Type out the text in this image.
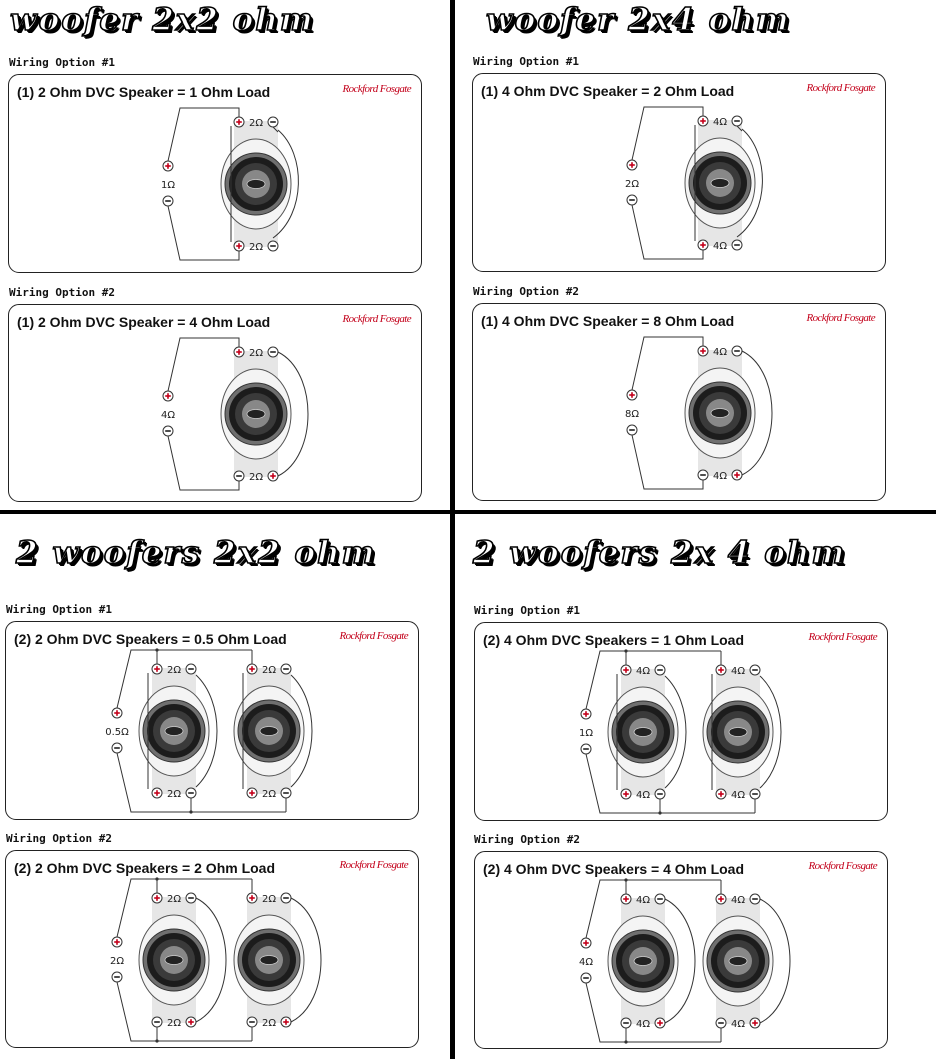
woofer 2x2 ohm
Wiring Option #1
(1) 2 Ohm DVC Speaker = 1 Ohm Load	Rockford Fosgate
1Ω
2Ω
2Ω
Wiring Option #2
(1) 2 Ohm DVC Speaker = 4 Ohm Load	Rockford Fosgate
4Ω
2Ω
2Ω
woofer 2x4 ohm
Wiring Option #1
(1) 4 Ohm DVC Speaker = 2 Ohm Load	Rockford Fosgate
2Ω
4Ω
4Ω
Wiring Option #2
(1) 4 Ohm DVC Speaker = 8 Ohm Load	Rockford Fosgate
8Ω
4Ω
4Ω
2 woofers 2x2 ohm
Wiring Option #1
(2) 2 Ohm DVC Speakers = 0.5 Ohm Load	Rockford Fosgate
0.5Ω
2Ω
2Ω
2Ω
2Ω
Wiring Option #2
(2) 2 Ohm DVC Speakers = 2 Ohm Load	Rockford Fosgate
2Ω
2Ω
2Ω
2Ω
2Ω
2 woofers 2x 4 ohm
Wiring Option #1
(2) 4 Ohm DVC Speakers = 1 Ohm Load	Rockford Fosgate
1Ω
4Ω
4Ω
4Ω
4Ω
Wiring Option #2
(2) 4 Ohm DVC Speakers = 4 Ohm Load	Rockford Fosgate
4Ω
4Ω
4Ω
4Ω
4Ω
